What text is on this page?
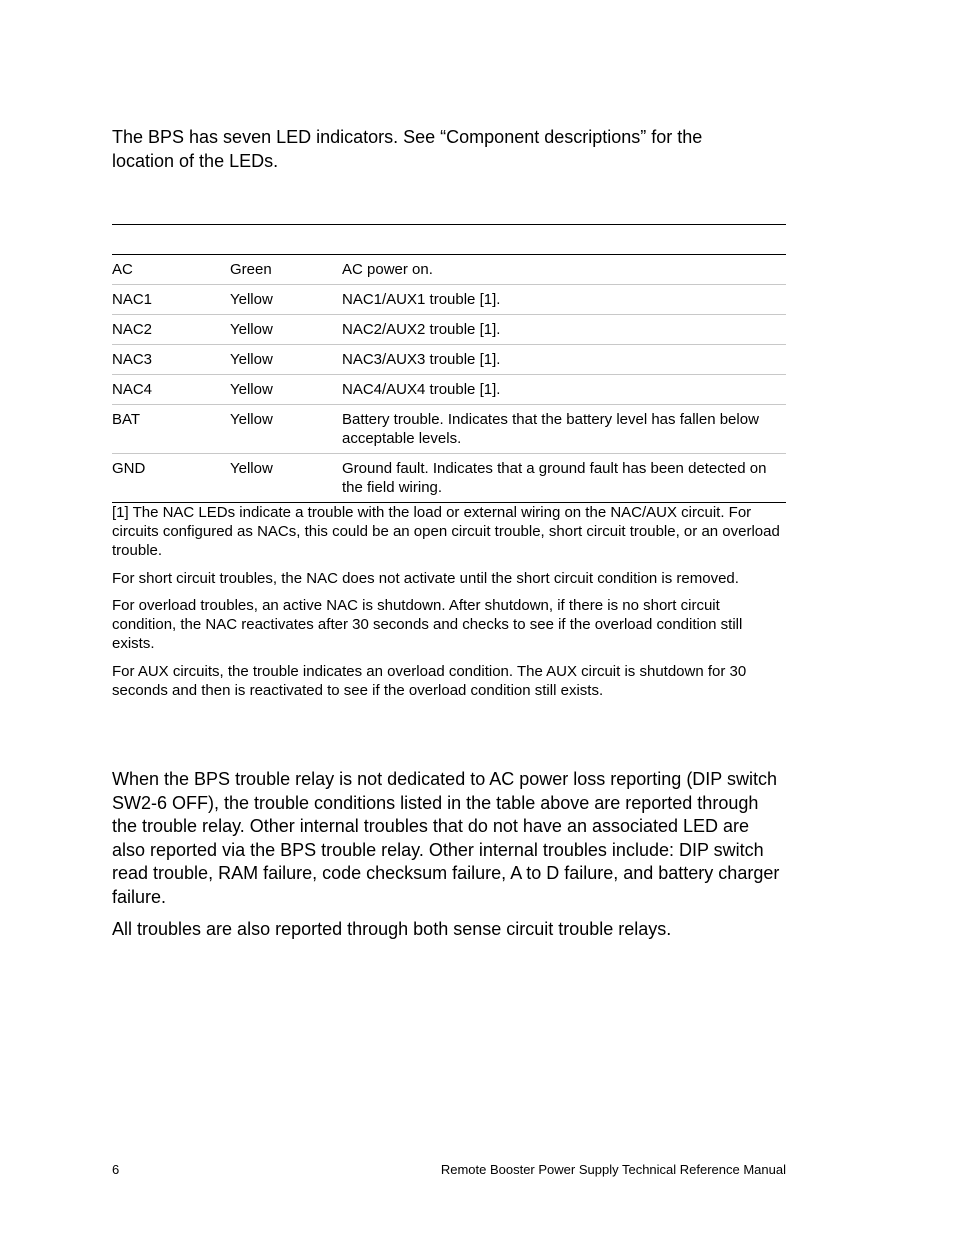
The BPS has seven LED indicators. See “Component descriptions” for the location of the LEDs.

AC	Green	AC power on.
NAC1	Yellow	NAC1/AUX1 trouble [1].
NAC2	Yellow	NAC2/AUX2 trouble [1].
NAC3	Yellow	NAC3/AUX3 trouble [1].
NAC4	Yellow	NAC4/AUX4 trouble [1].
BAT	Yellow	Battery trouble. Indicates that the battery level has fallen below acceptable levels.
GND	Yellow	Ground fault. Indicates that a ground fault has been detected on the field wiring.

[1] The NAC LEDs indicate a trouble with the load or external wiring on the NAC/AUX circuit. For circuits configured as NACs, this could be an open circuit trouble, short circuit trouble, or an overload trouble.

For short circuit troubles, the NAC does not activate until the short circuit condition is removed.

For overload troubles, an active NAC is shutdown. After shutdown, if there is no short circuit condition, the NAC reactivates after 30 seconds and checks to see if the overload condition still exists.

For AUX circuits, the trouble indicates an overload condition. The AUX circuit is shutdown for 30 seconds and then is reactivated to see if the overload condition still exists.

When the BPS trouble relay is not dedicated to AC power loss reporting (DIP switch SW2-6 OFF), the trouble conditions listed in the table above are reported through the trouble relay. Other internal troubles that do not have an associated LED are also reported via the BPS trouble relay. Other internal troubles include: DIP switch read trouble, RAM failure, code checksum failure, A to D failure, and battery charger failure.

All troubles are also reported through both sense circuit trouble relays.

6	Remote Booster Power Supply Technical Reference Manual
